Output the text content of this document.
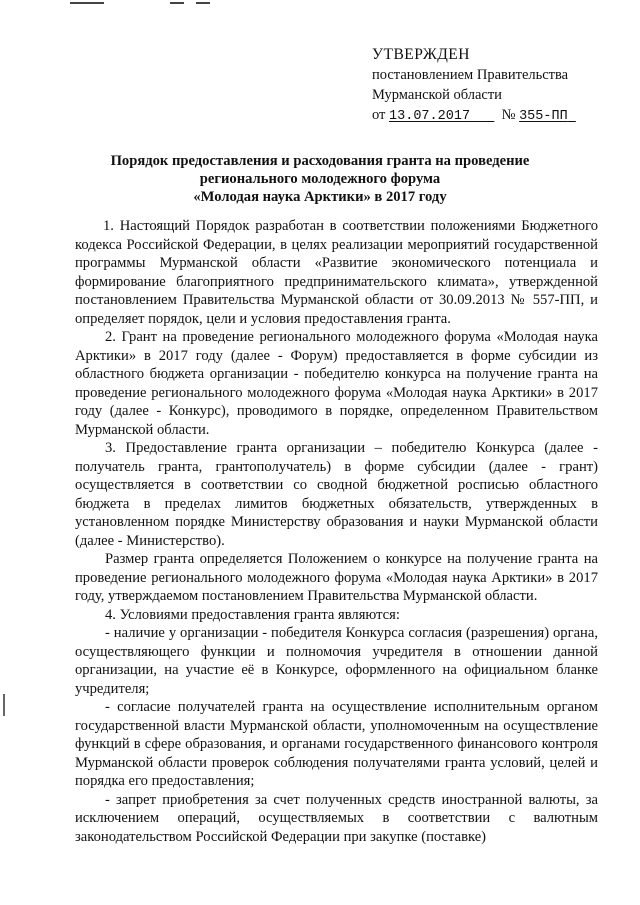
УТВЕРЖДЕН
постановлением Правительства
Мурманской области
от 13.07.2017 № 355-ПП
Порядок предоставления и расходования гранта на проведение
регионального молодежного форума
«Молодая наука Арктики» в 2017 году

1. Настоящий Порядок разработан в соответствии положениями Бюджетного кодекса Российской Федерации, в целях реализации мероприятий государственной программы Мурманской области «Развитие экономического потенциала и формирование благоприятного предпринимательского климата», утвержденной постановлением Правительства Мурманской области от 30.09.2013 № 557-ПП, и определяет порядок, цели и условия предоставления гранта.

2. Грант на проведение регионального молодежного форума «Молодая наука Арктики» в 2017 году (далее - Форум) предоставляется в форме субсидии из областного бюджета организации - победителю конкурса на получение гранта на проведение регионального молодежного форума «Молодая наука Арктики» в 2017 году (далее - Конкурс), проводимого в порядке, определенном Правительством Мурманской области.

3. Предоставление гранта организации – победителю Конкурса (далее - получатель гранта, грантополучатель) в форме субсидии (далее - грант) осуществляется в соответствии со сводной бюджетной росписью областного бюджета в пределах лимитов бюджетных обязательств, утвержденных в установленном порядке Министерству образования и науки Мурманской области (далее - Министерство).

Размер гранта определяется Положением о конкурсе на получение гранта на проведение регионального молодежного форума «Молодая наука Арктики» в 2017 году, утверждаемом постановлением Правительства Мурманской области.

4. Условиями предоставления гранта являются:

- наличие у организации - победителя Конкурса согласия (разрешения) органа, осуществляющего функции и полномочия учредителя в отношении данной организации, на участие её в Конкурсе, оформленного на официальном бланке учредителя;

- согласие получателей гранта на осуществление исполнительным органом государственной власти Мурманской области, уполномоченным на осуществление функций в сфере образования, и органами государственного финансового контроля Мурманской области проверок соблюдения получателями гранта условий, целей и порядка его предоставления;

- запрет приобретения за счет полученных средств иностранной валюты, за исключением операций, осуществляемых в соответствии с валютным законодательством Российской Федерации при закупке (поставке)
